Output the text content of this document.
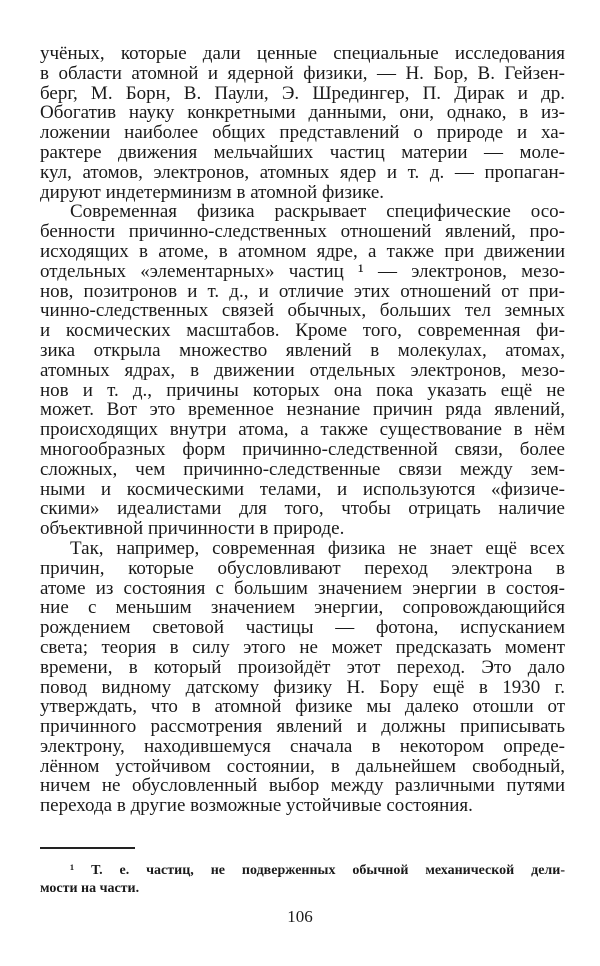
учёных, которые дали ценные специальные исследования
в области атомной и ядерной физики, — Н. Бор, В. Гейзен-
берг, М. Борн, В. Паули, Э. Шредингер, П. Дирак и др.
Обогатив науку конкретными данными, они, однако, в из-
ложении наиболее общих представлений о природе и ха-
рактере движения мельчайших частиц материи — моле-
кул, атомов, электронов, атомных ядер и т. д. — пропаган-
дируют индетерминизм в атомной физике.
Современная физика раскрывает специфические осо-
бенности причинно-следственных отношений явлений, про-
исходящих в атоме, в атомном ядре, а также при движении
отдельных «элементарных» частиц ¹ — электронов, мезо-
нов, позитронов и т. д., и отличие этих отношений от при-
чинно-следственных связей обычных, больших тел земных
и космических масштабов. Кроме того, современная фи-
зика открыла множество явлений в молекулах, атомах,
атомных ядрах, в движении отдельных электронов, мезо-
нов и т. д., причины которых она пока указать ещё не
может. Вот это временное незнание причин ряда явлений,
происходящих внутри атома, а также существование в нём
многообразных форм причинно-следственной связи, более
сложных, чем причинно-следственные связи между зем-
ными и космическими телами, и используются «физиче-
скими» идеалистами для того, чтобы отрицать наличие
объективной причинности в природе.
Так, например, современная физика не знает ещё всех
причин, которые обусловливают переход электрона в
атоме из состояния с большим значением энергии в состоя-
ние с меньшим значением энергии, сопровождающийся
рождением световой частицы — фотона, испусканием
света; теория в силу этого не может предсказать момент
времени, в который произойдёт этот переход. Это дало
повод видному датскому физику Н. Бору ещё в 1930 г.
утверждать, что в атомной физике мы далеко отошли от
причинного рассмотрения явлений и должны приписывать
электрону, находившемуся сначала в некотором опреде-
лённом устойчивом состоянии, в дальнейшем свободный,
ничем не обусловленный выбор между различными путями
перехода в другие возможные устойчивые состояния.
¹ Т. е. частиц, не подверженных обычной механической дели-
мости на части.
106
